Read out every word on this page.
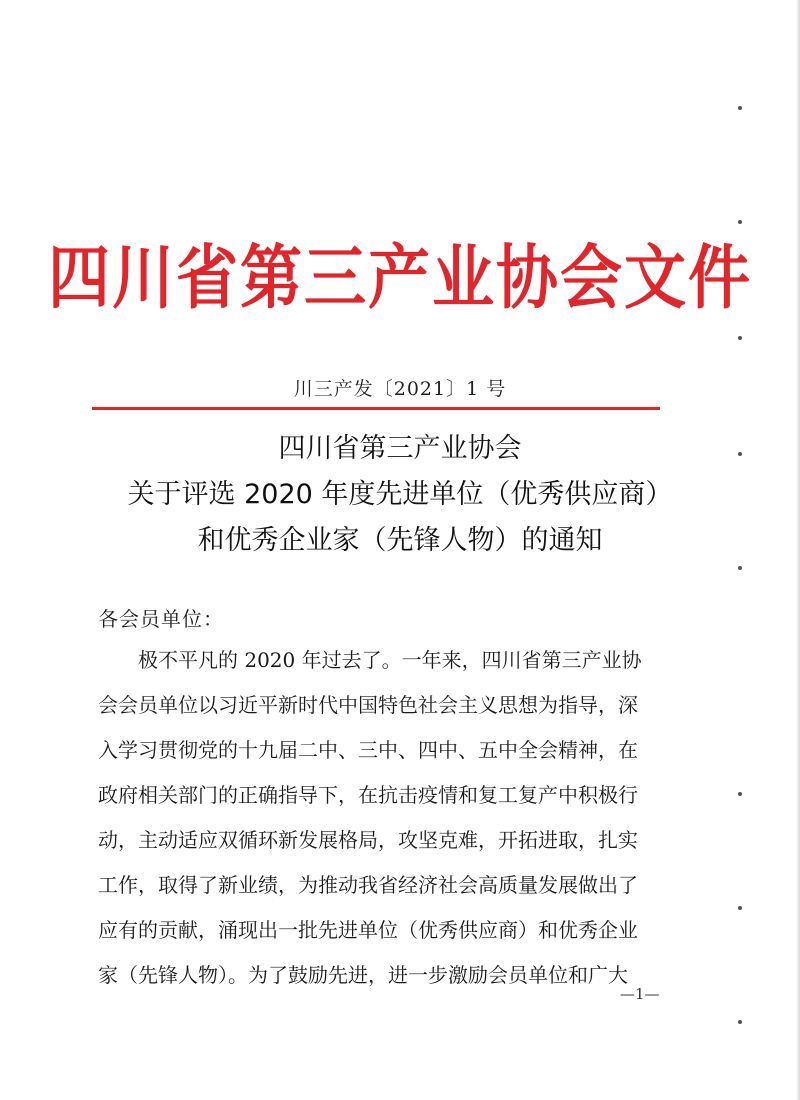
四川省第三产业协会文件
川三产发〔2021〕1 号
四川省第三产业协会
关于评选 2020 年度先进单位（优秀供应商）
和优秀企业家（先锋人物）的通知
各会员单位：
　　极不平凡的 2020 年过去了。一年来，四川省第三产业协
会会员单位以习近平新时代中国特色社会主义思想为指导，深
入学习贯彻党的十九届二中、三中、四中、五中全会精神，在
政府相关部门的正确指导下，在抗击疫情和复工复产中积极行
动，主动适应双循环新发展格局，攻坚克难，开拓进取，扎实
工作，取得了新业绩，为推动我省经济社会高质量发展做出了
应有的贡献，涌现出一批先进单位（优秀供应商）和优秀企业
家（先锋人物）。为了鼓励先进，进一步激励会员单位和广大
—1—
